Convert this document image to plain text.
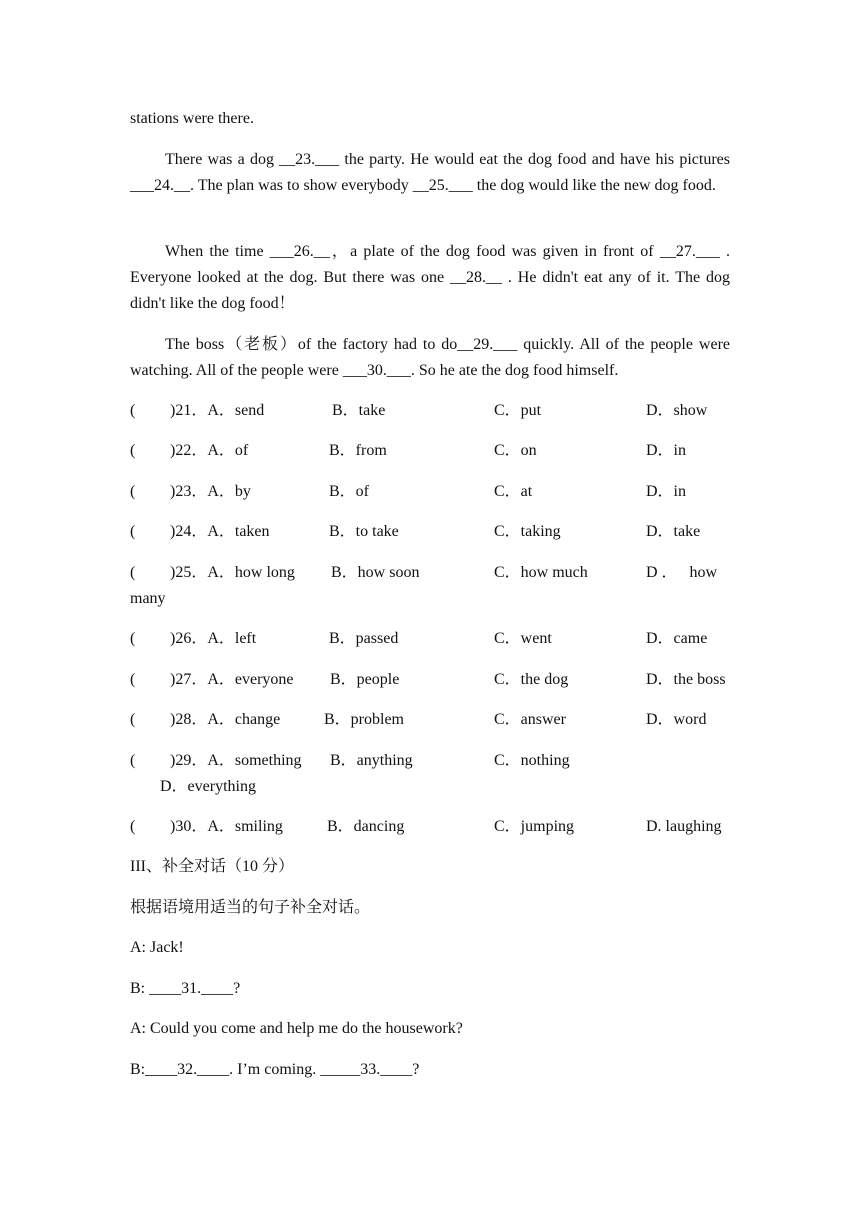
stations were there.

There was a dog __23.___ the party. He would eat the dog food and have his pictures ___24.__. The plan was to show everybody __25.___ the dog would like the new dog food.

When the time ___26.__，a plate of the dog food was given in front of __27.___ . Everyone looked at the dog. But there was one __28.__ . He didn't eat any of it. The dog didn't like the dog food！

The boss（老板）of the factory had to do__29.___ quickly. All of the people were watching. All of the people were ___30.___. So he ate the dog food himself.

( )21．A．send	B．take	C．put	D．show
( )22．A．of	B．from	C．on	D．in
( )23．A．by	B．of	C．at	D．in
( )24．A．taken	B．to take	C．taking	D．take
( )25．A．how long B．how soon	C．how much	D ．   how
many
( )26．A．left	B．passed	C．went	D．came
( )27．A．everyone B．people	C．the dog	D．the boss
( )28．A．change	B．problem	C．answer	D．word
( )29．A．something B．anything	C．nothing
D．everything
( )30．A．smiling	B．dancing	C．jumping	D. laughing

III、补全对话（10 分）

根据语境用适当的句子补全对话。

A: Jack!

B: ____31.____?

A: Could you come and help me do the housework?

B:____32.____. I’m coming. _____33.____?
